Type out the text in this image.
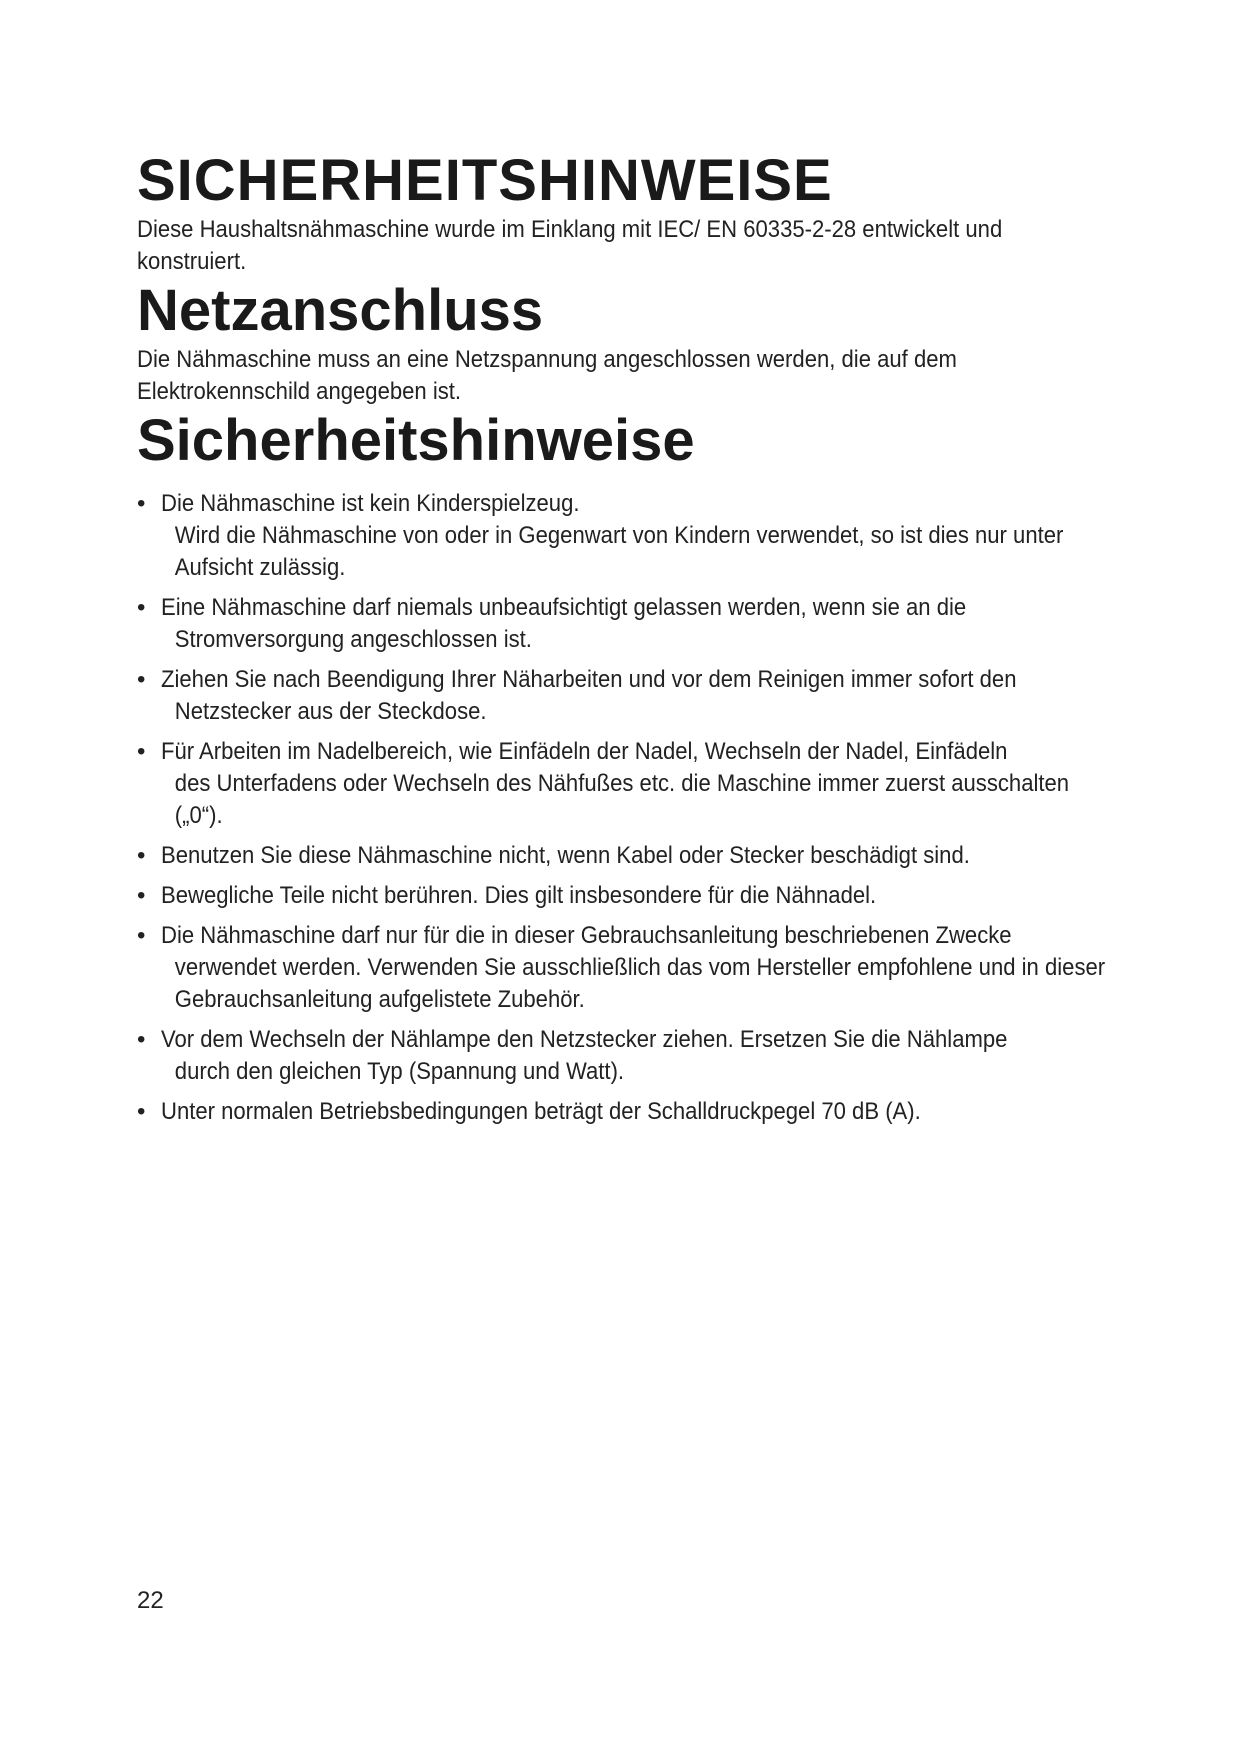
SICHERHEITSHINWEISE

Diese Haushaltsnähmaschine wurde im Einklang mit IEC/ EN 60335-2-28 entwickelt und konstruiert.

Netzanschluss

Die Nähmaschine muss an eine Netzspannung angeschlossen werden, die auf dem Elektrokennschild angegeben ist.

Sicherheitshinweise
• Die Nähmaschine ist kein Kinderspielzeug.
Wird die Nähmaschine von oder in Gegenwart von Kindern verwendet, so ist dies nur unter Aufsicht zulässig.
• Eine Nähmaschine darf niemals unbeaufsichtigt gelassen werden, wenn sie an die
Stromversorgung angeschlossen ist.
• Ziehen Sie nach Beendigung Ihrer Näharbeiten und vor dem Reinigen immer sofort den
Netzstecker aus der Steckdose.
• Für Arbeiten im Nadelbereich, wie Einfädeln der Nadel, Wechseln der Nadel, Einfädeln
des Unterfadens oder Wechseln des Nähfußes etc. die Maschine immer zuerst ausschalten („0“).
• Benutzen Sie diese Nähmaschine nicht, wenn Kabel oder Stecker beschädigt sind.
• Bewegliche Teile nicht berühren. Dies gilt insbesondere für die Nähnadel.
• Die Nähmaschine darf nur für die in dieser Gebrauchsanleitung beschriebenen Zwecke
verwendet werden. Verwenden Sie ausschließlich das vom Hersteller empfohlene und in dieser Gebrauchsanleitung aufgelistete Zubehör.
• Vor dem Wechseln der Nählampe den Netzstecker ziehen. Ersetzen Sie die Nählampe
durch den gleichen Typ (Spannung und Watt).
• Unter normalen Betriebsbedingungen beträgt der Schalldruckpegel 70 dB (A).
22
